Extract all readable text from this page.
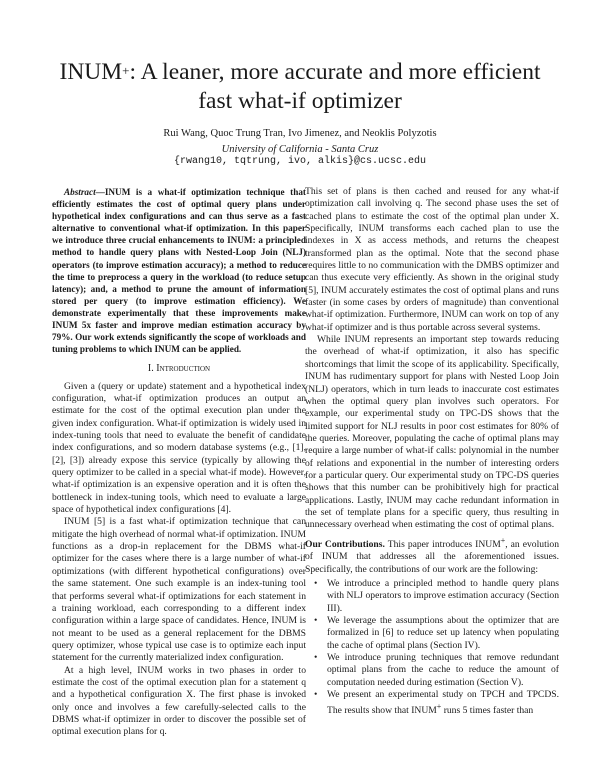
INUM+: A leaner, more accurate and more efficient fast what-if optimizer
Rui Wang, Quoc Trung Tran, Ivo Jimenez, and Neoklis Polyzotis
University of California - Santa Cruz
{rwang10, tqtrung, ivo, alkis}@cs.ucsc.edu

Abstract—INUM is a what-if optimization technique that efficiently estimates the cost of optimal query plans under hypothetical index configurations and can thus serve as a fast alternative to conventional what-if optimization. In this paper we introduce three crucial enhancements to INUM: a principled method to handle query plans with Nested-Loop Join (NLJ) operators (to improve estimation accuracy); a method to reduce the time to preprocess a query in the workload (to reduce setup latency); and, a method to prune the amount of information stored per query (to improve estimation efficiency). We demonstrate experimentally that these improvements make INUM 5x faster and improve median estimation accuracy by 79%. Our work extends significantly the scope of workloads and tuning problems to which INUM can be applied.

I. Introduction

Given a (query or update) statement and a hypothetical index configuration, what-if optimization produces an output an estimate for the cost of the optimal execution plan under the given index configuration. What-if optimization is widely used in index-tuning tools that need to evaluate the benefit of candidate index configurations, and so modern database systems (e.g., [1], [2], [3]) already expose this service (typically by allowing the query optimizer to be called in a special what-if mode). However, what-if optimization is an expensive operation and it is often the bottleneck in index-tuning tools, which need to evaluate a large space of hypothetical index configurations [4].

INUM [5] is a fast what-if optimization technique that can mitigate the high overhead of normal what-if optimization. INUM functions as a drop-in replacement for the DBMS what-if optimizer for the cases where there is a large number of what-if optimizations (with different hypothetical configurations) over the same statement. One such example is an index-tuning tool that performs several what-if optimizations for each statement in a training workload, each corresponding to a different index configuration within a large space of candidates. Hence, INUM is not meant to be used as a general replacement for the DBMS query optimizer, whose typical use case is to optimize each input statement for the currently materialized index configuration.

At a high level, INUM works in two phases in order to estimate the cost of the optimal execution plan for a statement q and a hypothetical configuration X. The first phase is invoked only once and involves a few carefully-selected calls to the DBMS what-if optimizer in order to discover the possible set of optimal execution plans for q.

This set of plans is then cached and reused for any what-if optimization call involving q. The second phase uses the set of cached plans to estimate the cost of the optimal plan under X. Specifically, INUM transforms each cached plan to use the indexes in X as access methods, and returns the cheapest transformed plan as the optimal. Note that the second phase requires little to no communication with the DMBS optimizer and can thus execute very efficiently. As shown in the original study [5], INUM accurately estimates the cost of optimal plans and runs faster (in some cases by orders of magnitude) than conventional what-if optimization. Furthermore, INUM can work on top of any what-if optimizer and is thus portable across several systems.

While INUM represents an important step towards reducing the overhead of what-if optimization, it also has specific shortcomings that limit the scope of its applicability. Specifically, INUM has rudimentary support for plans with Nested Loop Join (NLJ) operators, which in turn leads to inaccurate cost estimates when the optimal query plan involves such operators. For example, our experimental study on TPC-DS shows that the limited support for NLJ results in poor cost estimates for 80% of the queries. Moreover, populating the cache of optimal plans may require a large number of what-if calls: polynomial in the number of relations and exponential in the number of interesting orders for a particular query. Our experimental study on TPC-DS queries shows that this number can be prohibitively high for practical applications. Lastly, INUM may cache redundant information in the set of template plans for a specific query, thus resulting in unnecessary overhead when estimating the cost of optimal plans.

Our Contributions. This paper introduces INUM+, an evolution of INUM that addresses all the aforementioned issues. Specifically, the contributions of our work are the following:

• We introduce a principled method to handle query plans with NLJ operators to improve estimation accuracy (Section III).
• We leverage the assumptions about the optimizer that are formalized in [6] to reduce set up latency when populating the cache of optimal plans (Section IV).
• We introduce pruning techniques that remove redundant optimal plans from the cache to reduce the amount of computation needed during estimation (Section V).
• We present an experimental study on TPCH and TPCDS. The results show that INUM+ runs 5 times faster than
